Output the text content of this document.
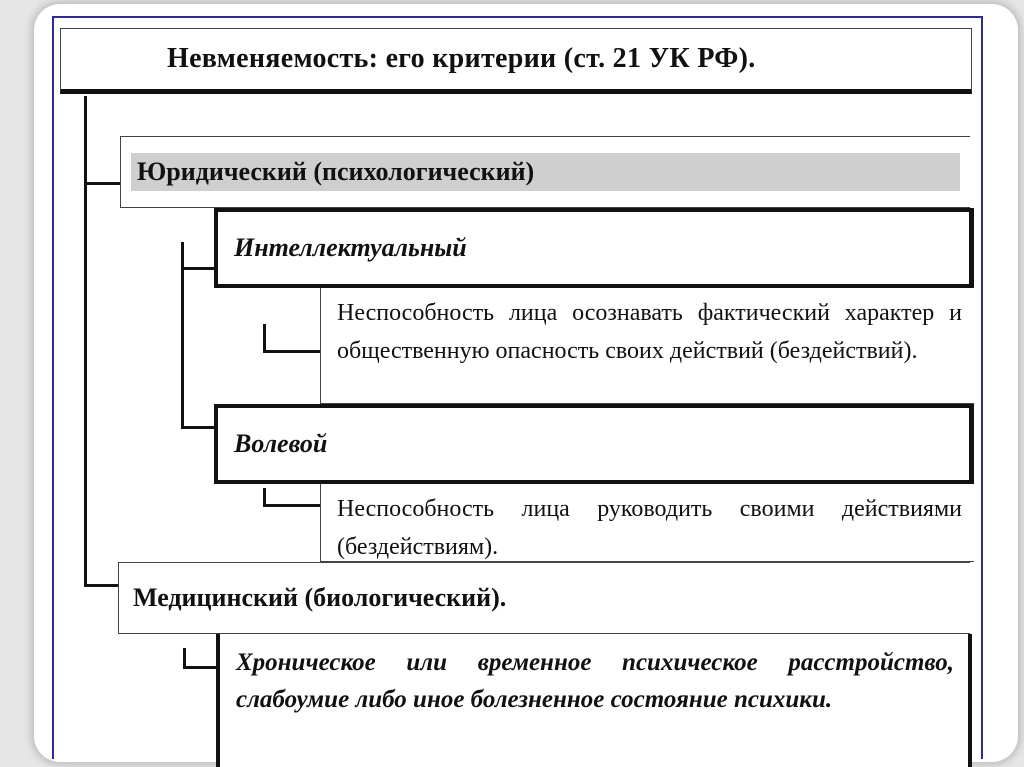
Невменяемость: его критерии (ст. 21 УК РФ).
Юридический (психологический)
Интеллектуальный
Неспособность лица осознавать фактический характер и общественную опасность своих действий (бездействий).
Волевой
Неспособность лица руководить своими действиями (бездействиям).
Медицинский (биологический).
Хроническое или временное психическое расстройство, слабоумие либо иное болезненное состояние психики.
